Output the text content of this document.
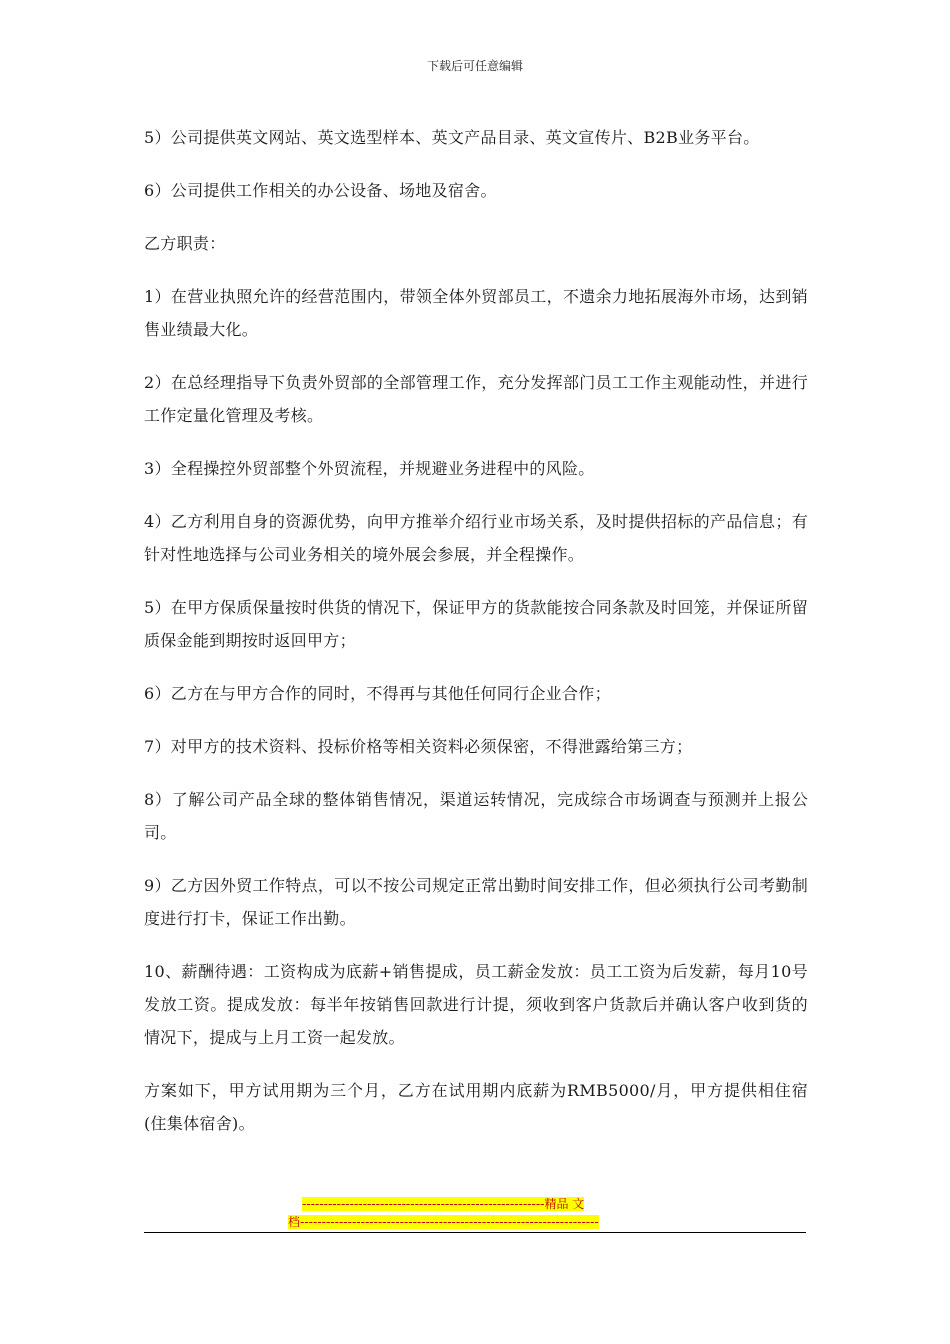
下载后可任意编辑

5）公司提供英文网站、英文选型样本、英文产品目录、英文宣传片、B2B业务平台。

6）公司提供工作相关的办公设备、场地及宿舍。

乙方职责：

1）在营业执照允许的经营范围内，带领全体外贸部员工，不遗余力地拓展海外市场，达到销售业绩最大化。

2）在总经理指导下负责外贸部的全部管理工作，充分发挥部门员工工作主观能动性，并进行工作定量化管理及考核。

3）全程操控外贸部整个外贸流程，并规避业务进程中的风险。

4）乙方利用自身的资源优势，向甲方推举介绍行业市场关系，及时提供招标的产品信息；有针对性地选择与公司业务相关的境外展会参展，并全程操作。

5）在甲方保质保量按时供货的情况下，保证甲方的货款能按合同条款及时回笼，并保证所留质保金能到期按时返回甲方；

6）乙方在与甲方合作的同时，不得再与其他任何同行企业合作；

7）对甲方的技术资料、投标价格等相关资料必须保密，不得泄露给第三方；

8）了解公司产品全球的整体销售情况，渠道运转情况，完成综合市场调查与预测并上报公司。

9）乙方因外贸工作特点，可以不按公司规定正常出勤时间安排工作，但必须执行公司考勤制度进行打卡，保证工作出勤。

10、薪酬待遇：工资构成为底薪+销售提成，员工薪金发放：员工工资为后发薪，每月10号发放工资。提成发放：每半年按销售回款进行计提，须收到客户货款后并确认客户收到货的情况下，提成与上月工资一起发放。

方案如下，甲方试用期为三个月，乙方在试用期内底薪为RMB5000/月，甲方提供相住宿(住集体宿舍)。

--------------------------------------------------------精品 文
档---------------------------------------------------------------------
